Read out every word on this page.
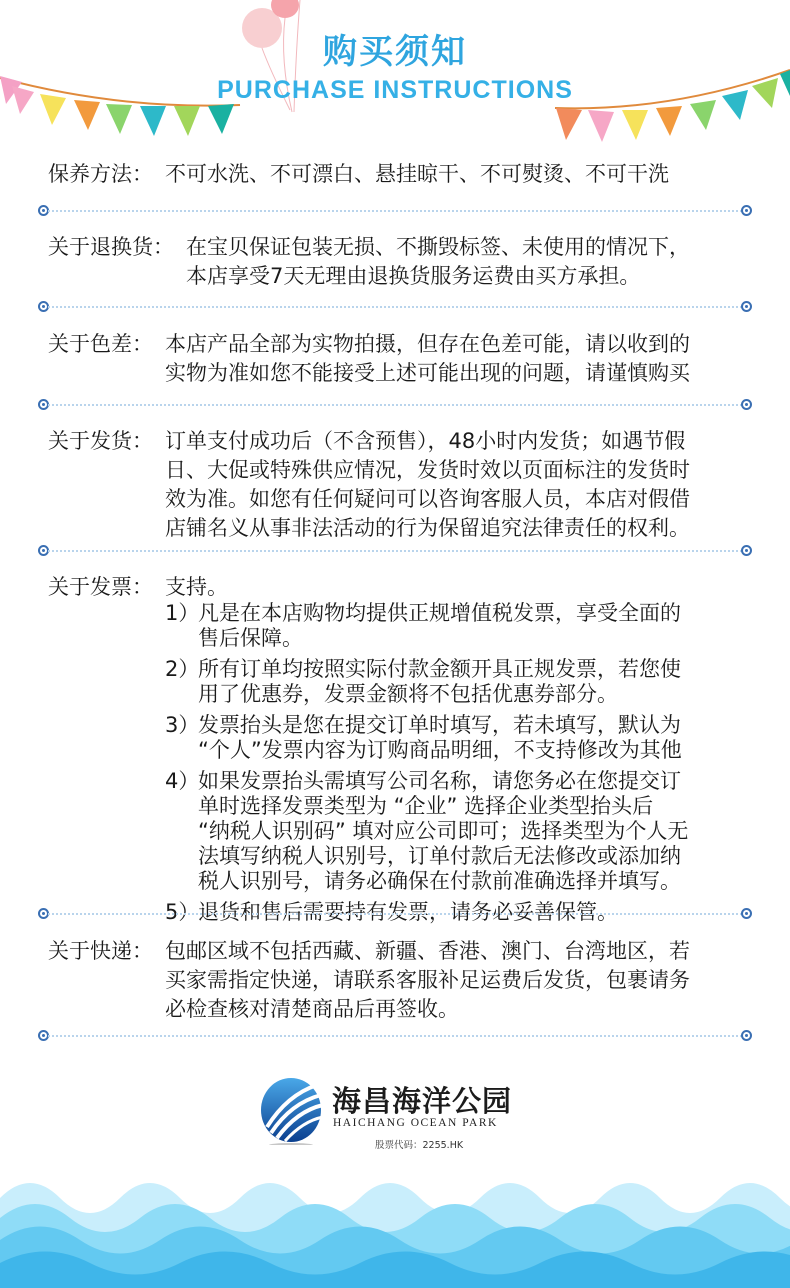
购买须知
PURCHASE INSTRUCTIONS
保养方法： 不可水洗、不可漂白、悬挂晾干、不可熨烫、不可干洗
关于退换货： 在宝贝保证包装无损、不撕毁标签、未使用的情况下，
本店享受7天无理由退换货服务运费由买方承担。
关于色差： 本店产品全部为实物拍摄，但存在色差可能，请以收到的
实物为准如您不能接受上述可能出现的问题，请谨慎购买
关于发货： 订单支付成功后（不含预售），48小时内发货；如遇节假
日、大促或特殊供应情况，发货时效以页面标注的发货时
效为准。如您有任何疑问可以咨询客服人员，本店对假借
店铺名义从事非法活动的行为保留追究法律责任的权利。
关于发票： 支持。
1）
凡是在本店购物均提供正规增值税发票，享受全面的
售后保障。
2）
所有订单均按照实际付款金额开具正规发票，若您使
用了优惠券，发票金额将不包括优惠券部分。
3）
发票抬头是您在提交订单时填写，若未填写，默认为
“个人”发票内容为订购商品明细，不支持修改为其他
4）
如果发票抬头需填写公司名称，请您务必在您提交订
单时选择发票类型为 “企业” 选择企业类型抬头后
“纳税人识别码” 填对应公司即可；选择类型为个人无
法填写纳税人识别号，订单付款后无法修改或添加纳
税人识别号，请务必确保在付款前准确选择并填写。
5）
退货和售后需要持有发票，请务必妥善保管。
关于快递： 包邮区域不包括西藏、新疆、香港、澳门、台湾地区，若
买家需指定快递，请联系客服补足运费后发货，包裹请务
必检查核对清楚商品后再签收。
海昌海洋公园
HAICHANG OCEAN PARK
股票代码：2255.HK
